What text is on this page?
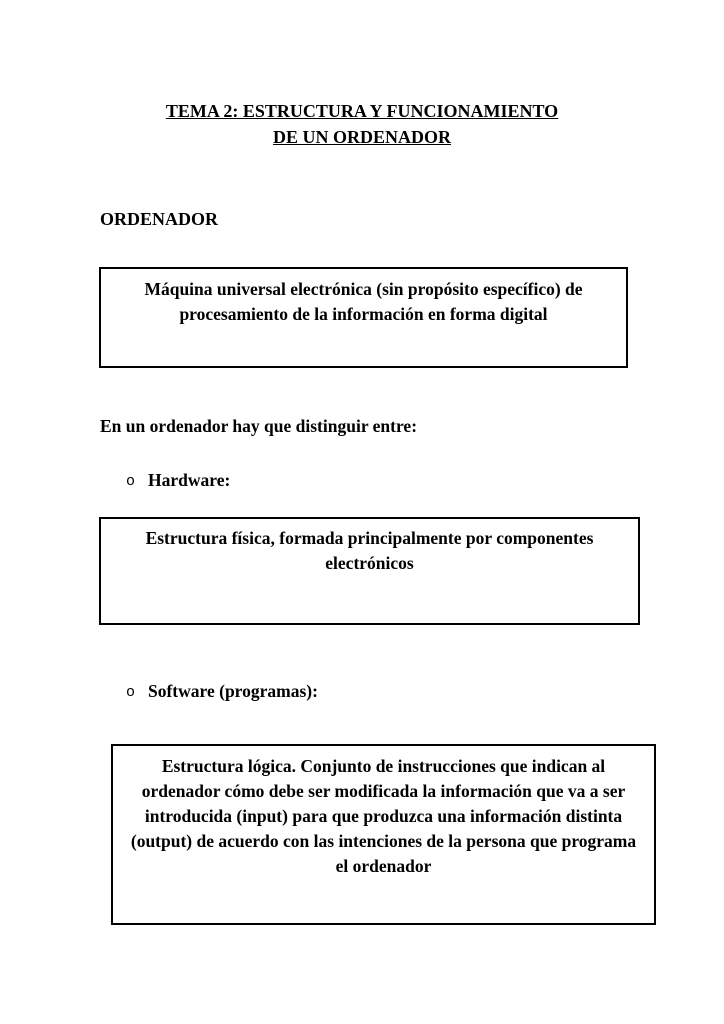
TEMA 2: ESTRUCTURA Y FUNCIONAMIENTO
DE UN ORDENADOR
ORDENADOR
Máquina universal electrónica (sin propósito específico) de procesamiento de la información en forma digital
En un ordenador hay que distinguir entre:
o Hardware:
Estructura física, formada principalmente por componentes electrónicos
o Software (programas):
Estructura lógica. Conjunto de instrucciones que indican al ordenador cómo debe ser modificada la información que va a ser introducida (input) para que produzca una información distinta (output) de acuerdo con las intenciones de la persona que programa el ordenador
